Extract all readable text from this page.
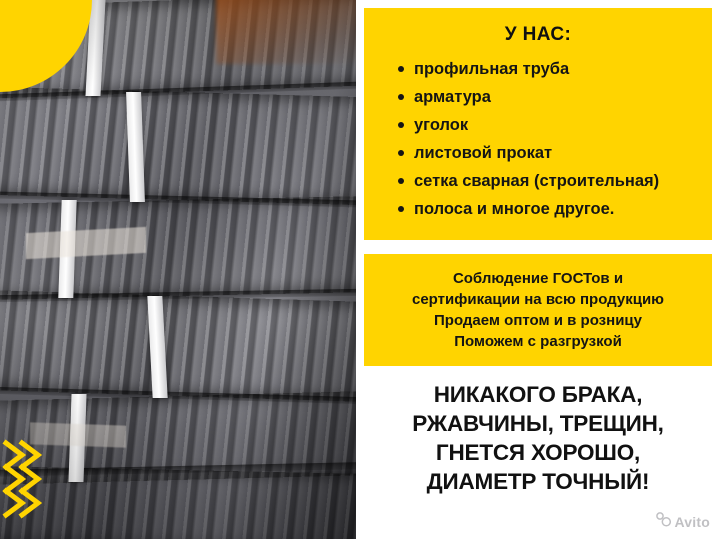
У НАС:
профильная труба
арматура
уголок
листовой прокат
сетка сварная (строительная)
полоса и многое другое.

Соблюдение ГОСТов и

сертификации на всю продукцию

Продаем оптом и в розницу

Поможем с разгрузкой

НИКАКОГО БРАКА,

РЖАВЧИНЫ, ТРЕЩИН,

ГНЕТСЯ ХОРОШО,

ДИАМЕТР ТОЧНЫЙ!

Avito
